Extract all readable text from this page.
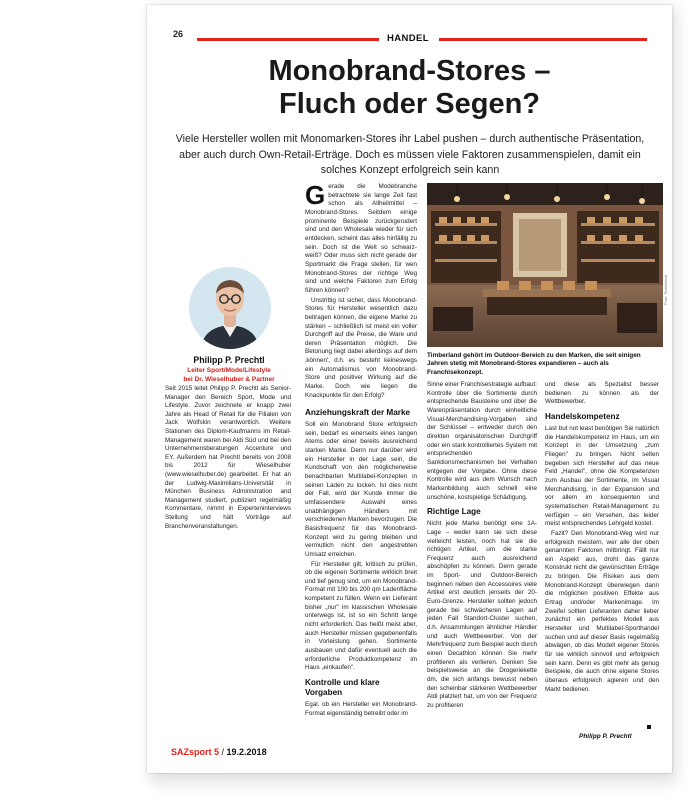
26	HANDEL
Monobrand-Stores –
Fluch oder Segen?
Viele Hersteller wollen mit Monomarken-Stores ihr Label pushen – durch authentische Präsentation, aber auch durch Own-Retail-Erträge. Doch es müssen viele Faktoren zusammenspielen, damit ein solches Konzept erfolgreich sein kann
Philipp P. Prechtl
Leiter Sport/Mode/Lifestyle
bei Dr. Wieselhuber & Partner
Seit 2015 leitet Philipp P. Prechtl als Senior-Manager den Bereich Sport, Mode und Lifestyle. Zuvor zeichnete er knapp zwei Jahre als Head of Retail für die Filialen von Jack Wolfskin verantwortlich. Weitere Stationen des Diplom-Kaufmanns im Retail-Management waren bei Aldi Süd und bei den Unternehmensberatungen Accenture und EY. Außerdem hat Prechtl bereits von 2008 bis 2012 für Wieselhuber (www.wieselhuber.de) gearbeitet. Er hat an der Ludwig-Maximilians-Universität in München Business Administration and Management studiert, publiziert regelmäßig Kommentare, nimmt in Experteninterviews Stellung und hält Vorträge auf Branchenveranstaltungen.
G erade die Modebranche betrachtete sie lange Zeit fast schon als Allheilmittel – Monobrand-Stores. Seitdem einige prominente Beispiele zurückgerudert sind und den Wholesale wieder für sich entdecken, scheint das alles hinfällig zu sein. Doch ist die Welt so schwarz-weiß? Oder muss sich nicht gerade der Sportmarkt die Frage stellen, für wen Monobrand-Stores der richtige Weg sind und welche Faktoren zum Erfolg führen können?

Unstrittig ist sicher, dass Monobrand-Stores für Hersteller wesentlich dazu beitragen können, die eigene Marke zu stärken – schließlich ist meist ein voller Durchgriff auf die Preise, die Ware und deren Präsentation möglich. Die Betonung liegt dabei allerdings auf dem ‚können', d.h. es besteht keineswegs ein Automatismus von Monobrand-Store und positiver Wirkung auf die Marke. Doch wie liegen die Knackpunkte für den Erfolg?

Anziehungskraft der Marke

Soll ein Monobrand Store erfolgreich sein, bedarf es einerseits eines langen Atems oder einer bereits ausreichend starken Marke. Denn nur darüber wird ein Hersteller in der Lage sein, die Kundschaft von den möglicherweise benachbarten Multilabel-Konzepten in seinen Laden zu locken. Ist dies nicht der Fall, wird der Kunde immer die umfassendere Auswahl eines unabhängigen Händlers mit verschiedenen Marken bevorzugen. Die Basisfrequenz für das Monobrand-Konzept wird zu gering bleiben und vermutlich nicht den angestrebten Umsatz erreichen.

Für Hersteller gilt, kritisch zu prüfen, ob die eigenen Sortimente wirklich breit und tief genug sind, um ein Monobrand-Format mit 100 bis 200 qm Ladenfläche kompetent zu füllen. Wenn ein Lieferant bisher „nur" im klassischen Wholesale unterwegs ist, ist so ein Schritt lange nicht erforderlich. Das heißt meist aber, auch Hersteller müssen gegebenenfalls in Vorleistung gehen. Sortimente ausbauen und dafür eventuell auch die erforderliche Produktkompetenz im Haus „einkaufen".

Kontrolle und klare Vorgaben

Egal, ob ein Hersteller ein Monobrand-Format eigenständig betreibt oder im

Foto: Timberland
Timberland gehört im Outdoor-Bereich zu den Marken, die seit einigen Jahren stetig mit Monobrand-Stores expandieren – auch als Franchisekonzept.

Sinne einer Franchisestrategie aufbaut: Kontrolle über die Sortimente durch entsprechende Bausteine und über die Warenpräsentation durch einheitliche Visual-Merchandising-Vorgaben sind der Schlüssel – entweder durch den direkten organisatorischen Durchgriff oder ein stark kontrolliertes System mit entsprechenden Sanktionsmechanismen bei Verhalten entgegen der Vorgabe. Ohne diese Kontrolle wird aus dem Wunsch nach Markenbildung auch schnell eine unschöne, kostspielige Schädigung.

Richtige Lage

Nicht jede Marke benötigt eine 1A-Lage – weder kann sie sich diese vielleicht leisten, noch hat sie die richtigen Artikel, um die starke Frequenz auch ausreichend abschöpfen zu können. Denn gerade im Sport- und Outdoor-Bereich beginnen neben den Accessoires viele Artikel erst deutlich jenseits der 20-Euro-Grenze. Hersteller sollten jedoch gerade bei schwächeren Lagen auf jeden Fall Standort-Cluster suchen, d.h. Ansammlungen ähnlicher Händler und auch Wettbewerber. Von der Mehrfrequenz zum Beispiel auch durch einen Decathlon können Sie mehr profitieren als verlieren. Denken Sie beispielsweise an die Drogeriekette dm, die sich anfangs bewusst neben den scheinbar stärkeren Wettbewerber Aldi platziert hat, um von der Frequenz zu profitieren

und diese als Spezialist besser bedienen zu können als der Wettbewerber.

Handelskompetenz

Last but not least benötigen Sie natürlich die Handelskompetenz im Haus, um ein Konzept in der Umsetzung „zum Fliegen" zu bringen. Nicht selten begeben sich Hersteller auf das neue Feld „Handel", ohne die Kompetenzen zum Ausbau der Sortimente, im Visual Merchandising, in der Expansion und vor allem im konsequenten und systematischen Retail-Management zu verfügen – ein Versehen, das leider meist entsprechendes Lehrgeld kostet.

Fazit? Den Monobrand-Weg wird nur erfolgreich meistern, wer alle der oben genannten Faktoren mitbringt. Fällt nur ein Aspekt aus, droht das ganze Konstrukt nicht die gewünschten Erträge zu bringen. Die Risiken aus dem Monobrand-Konzept überwiegen dann die möglichen positiven Effekte aus Ertrag und/oder Markenimage. Im Zweifel sollten Lieferanten daher lieber zunächst ein perfektes Modell aus Hersteller und Multilabel-Sporthandel suchen und auf dieser Basis regelmäßig abwägen, ob das Modell eigener Stores für sie wirklich sinnvoll und erfolgreich sein kann. Denn es gibt mehr als genug Beispiele, die auch ohne eigene Stores überaus erfolgreich agieren und den Markt bedienen.

Philipp P. Prechtl
SAZsport 5 / 19.2.2018
